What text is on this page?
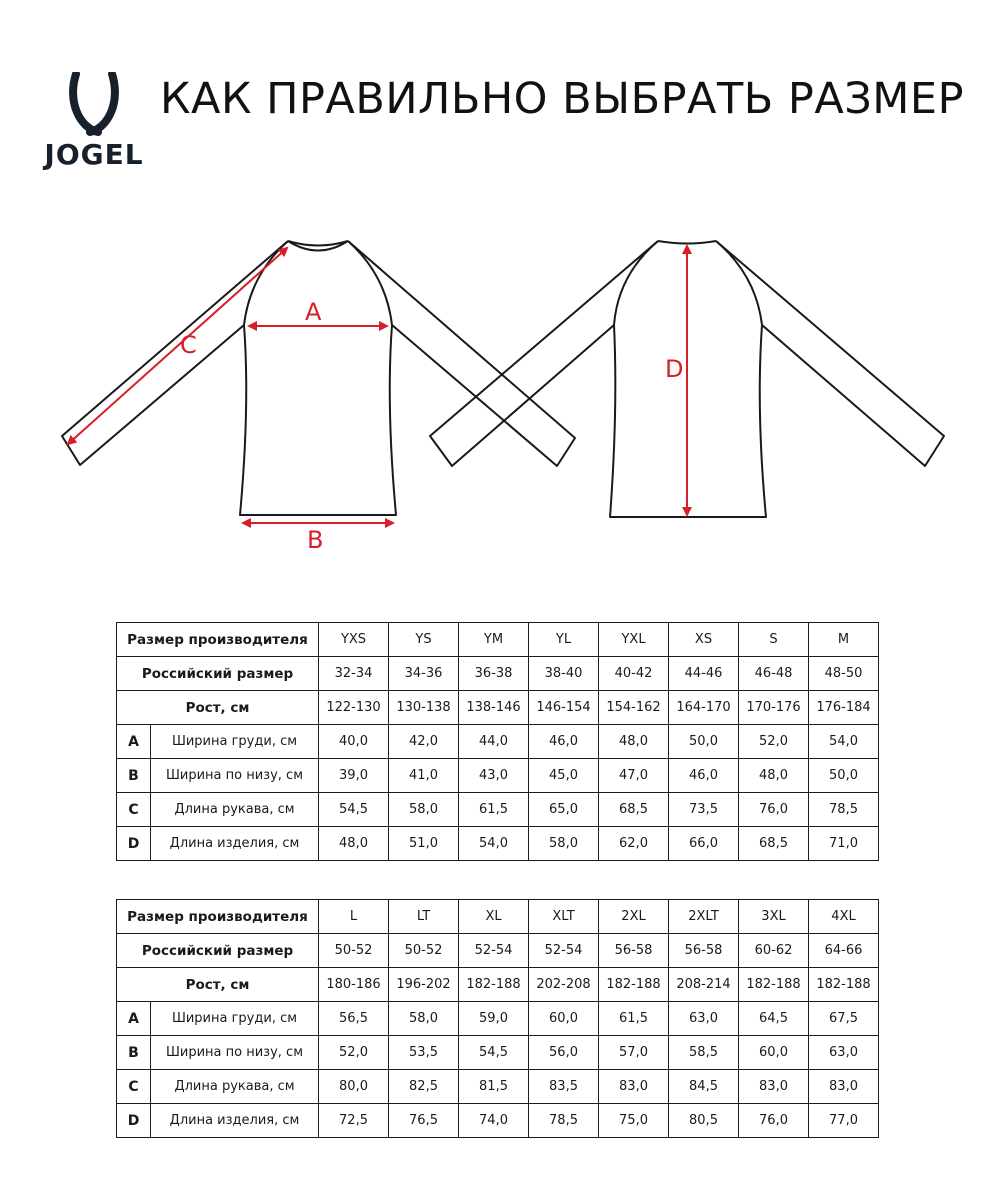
JOGEL
КАК ПРАВИЛЬНО ВЫБРАТЬ РАЗМЕР
A
B
C
D
Размер производителя		YXS	YS	YM	YL	YXL	XS	S	M
Российский размер		32-34	34-36	36-38	38-40	40-42	44-46	46-48	48-50
Рост, см		122-130	130-138	138-146	146-154	154-162	164-170	170-176	176-184
A	Ширина груди, см	40,0	42,0	44,0	46,0	48,0	50,0	52,0	54,0
B	Ширина по низу, см	39,0	41,0	43,0	45,0	47,0	46,0	48,0	50,0
C	Длина рукава, см	54,5	58,0	61,5	65,0	68,5	73,5	76,0	78,5
D	Длина изделия, см	48,0	51,0	54,0	58,0	62,0	66,0	68,5	71,0
Размер производителя		L	LT	XL	XLT	2XL	2XLT	3XL	4XL
Российский размер		50-52	50-52	52-54	52-54	56-58	56-58	60-62	64-66
Рост, см		180-186	196-202	182-188	202-208	182-188	208-214	182-188	182-188
A	Ширина груди, см	56,5	58,0	59,0	60,0	61,5	63,0	64,5	67,5
B	Ширина по низу, см	52,0	53,5	54,5	56,0	57,0	58,5	60,0	63,0
C	Длина рукава, см	80,0	82,5	81,5	83,5	83,0	84,5	83,0	83,0
D	Длина изделия, см	72,5	76,5	74,0	78,5	75,0	80,5	76,0	77,0
